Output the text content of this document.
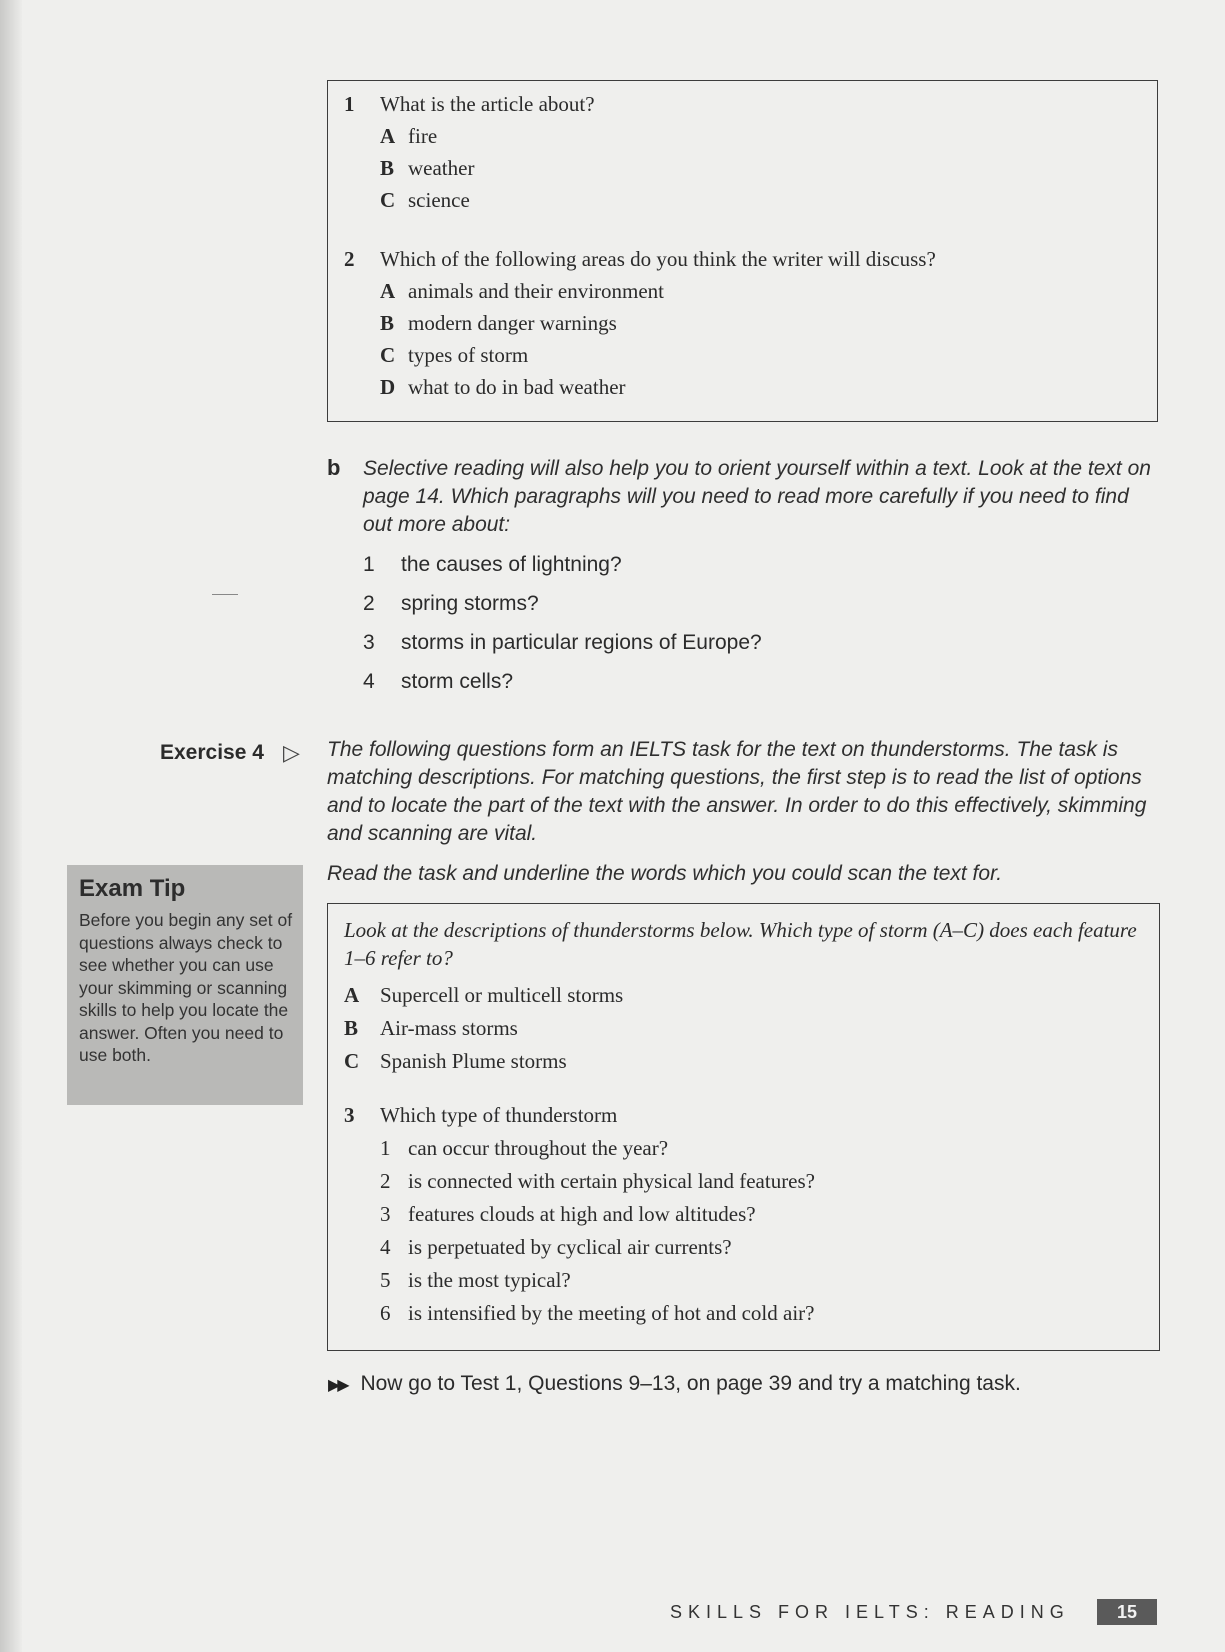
1	What is the article about?
A fire
B weather
C science
2	Which of the following areas do you think the writer will discuss?
A animals and their environment
B modern danger warnings
C types of storm
D what to do in bad weather
b Selective reading will also help you to orient yourself within a text. Look at the text on page 14. Which paragraphs will you need to read more carefully if you need to find out more about:
1 the causes of lightning?
2 spring storms?
3 storms in particular regions of Europe?
4 storm cells?
Exercise 4 ▷ The following questions form an IELTS task for the text on thunderstorms. The task is matching descriptions. For matching questions, the first step is to read the list of options and to locate the part of the text with the answer. In order to do this effectively, skimming and scanning are vital.
Read the task and underline the words which you could scan the text for.
Exam Tip
Before you begin any set of questions always check to see whether you can use your skimming or scanning skills to help you locate the answer. Often you need to use both.
Look at the descriptions of thunderstorms below. Which type of storm (A–C) does each feature 1–6 refer to?
A Supercell or multicell storms
B Air-mass storms
C Spanish Plume storms
3	Which type of thunderstorm
1 can occur throughout the year?
2 is connected with certain physical land features?
3 features clouds at high and low altitudes?
4 is perpetuated by cyclical air currents?
5 is the most typical?
6 is intensified by the meeting of hot and cold air?
▶▶ Now go to Test 1, Questions 9–13, on page 39 and try a matching task.
SKILLS FOR IELTS: READING	15
